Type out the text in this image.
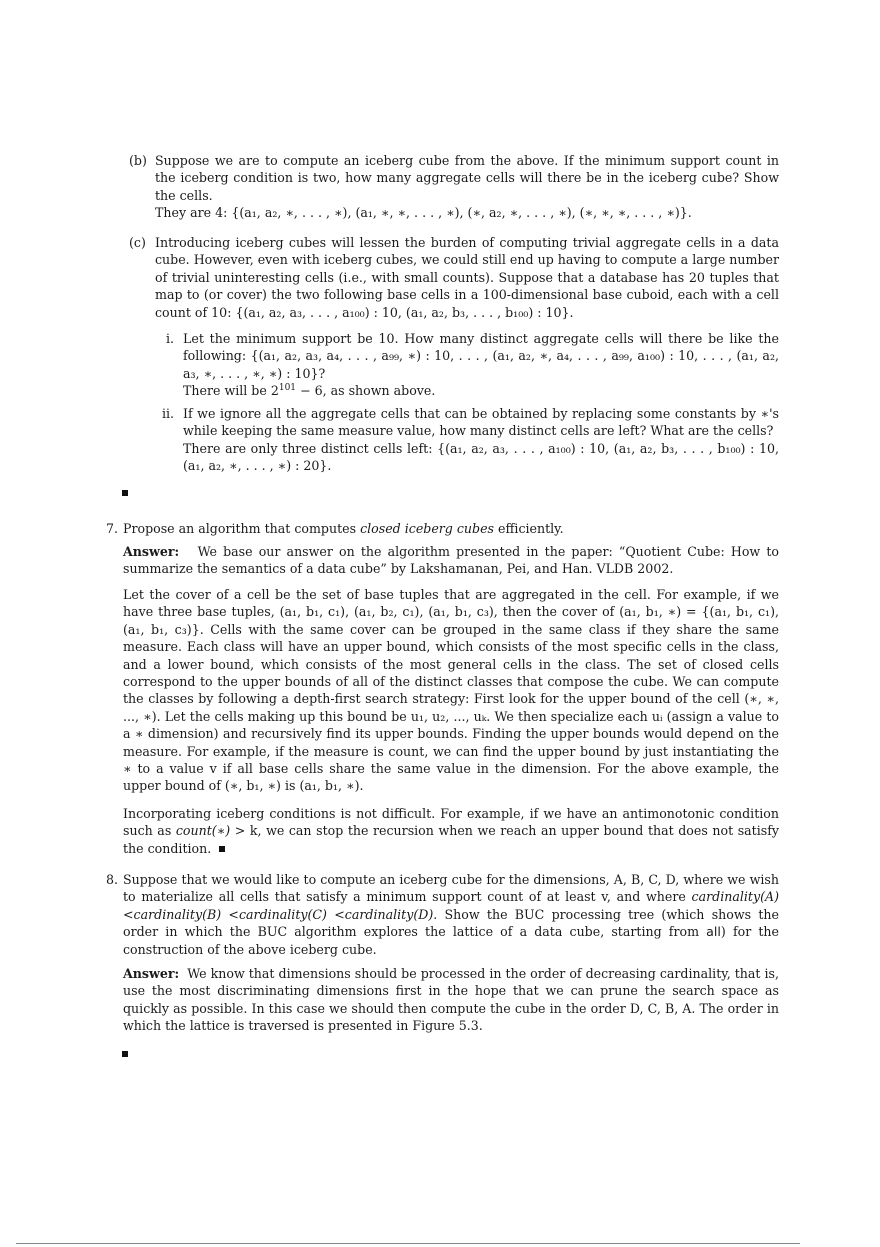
(b) Suppose we are to compute an iceberg cube from the above. If the minimum support count in the iceberg condition is two, how many aggregate cells will there be in the iceberg cube? Show the cells.

They are 4: {(a₁, a₂, ∗, . . . , ∗), (a₁, ∗, ∗, . . . , ∗), (∗, a₂, ∗, . . . , ∗), (∗, ∗, ∗, . . . , ∗)}.

(c) Introducing iceberg cubes will lessen the burden of computing trivial aggregate cells in a data cube. However, even with iceberg cubes, we could still end up having to compute a large number of trivial uninteresting cells (i.e., with small counts). Suppose that a database has 20 tuples that map to (or cover) the two following base cells in a 100-dimensional base cuboid, each with a cell count of 10: {(a₁, a₂, a₃, . . . , a₁₀₀) : 10, (a₁, a₂, b₃, . . . , b₁₀₀) : 10}.

i. Let the minimum support be 10. How many distinct aggregate cells will there be like the following: {(a₁, a₂, a₃, a₄, . . . , a₉₉, ∗) : 10, . . . , (a₁, a₂, ∗, a₄, . . . , a₉₉, a₁₀₀) : 10, . . . , (a₁, a₂, a₃, ∗, . . . , ∗, ∗) : 10}?

There will be $2^{101} - 6$, as shown above.

ii. If we ignore all the aggregate cells that can be obtained by replacing some constants by ∗'s while keeping the same measure value, how many distinct cells are left? What are the cells?

There are only three distinct cells left: {(a₁, a₂, a₃, . . . , a₁₀₀) : 10, (a₁, a₂, b₃, . . . , b₁₀₀) : 10, (a₁, a₂, ∗, . . . , ∗) : 20}.

7. Propose an algorithm that computes closed iceberg cubes efficiently.

Answer: We base our answer on the algorithm presented in the paper: “Quotient Cube: How to summarize the semantics of a data cube” by Lakshamanan, Pei, and Han. VLDB 2002.

Let the cover of a cell be the set of base tuples that are aggregated in the cell. For example, if we have three base tuples, (a₁, b₁, c₁), (a₁, b₂, c₁), (a₁, b₁, c₃), then the cover of (a₁, b₁, ∗) = {(a₁, b₁, c₁), (a₁, b₁, c₃)}. Cells with the same cover can be grouped in the same class if they share the same measure. Each class will have an upper bound, which consists of the most specific cells in the class, and a lower bound, which consists of the most general cells in the class. The set of closed cells correspond to the upper bounds of all of the distinct classes that compose the cube. We can compute the classes by following a depth-first search strategy: First look for the upper bound of the cell (∗, ∗, ..., ∗). Let the cells making up this bound be u₁, u₂, ..., uₖ. We then specialize each uᵢ (assign a value to a ∗ dimension) and recursively find its upper bounds. Finding the upper bounds would depend on the measure. For example, if the measure is count, we can find the upper bound by just instantiating the ∗ to a value v if all base cells share the same value in the dimension. For the above example, the upper bound of (∗, b₁, ∗) is (a₁, b₁, ∗).

Incorporating iceberg conditions is not difficult. For example, if we have an antimonotonic condition such as count(∗) > k, we can stop the recursion when we reach an upper bound that does not satisfy the condition.

8. Suppose that we would like to compute an iceberg cube for the dimensions, A, B, C, D, where we wish to materialize all cells that satisfy a minimum support count of at least v, and where cardinality(A) <cardinality(B) <cardinality(C) <cardinality(D). Show the BUC processing tree (which shows the order in which the BUC algorithm explores the lattice of a data cube, starting from all) for the construction of the above iceberg cube.

Answer: We know that dimensions should be processed in the order of decreasing cardinality, that is, use the most discriminating dimensions first in the hope that we can prune the search space as quickly as possible. In this case we should then compute the cube in the order D, C, B, A. The order in which the lattice is traversed is presented in Figure 5.3.
